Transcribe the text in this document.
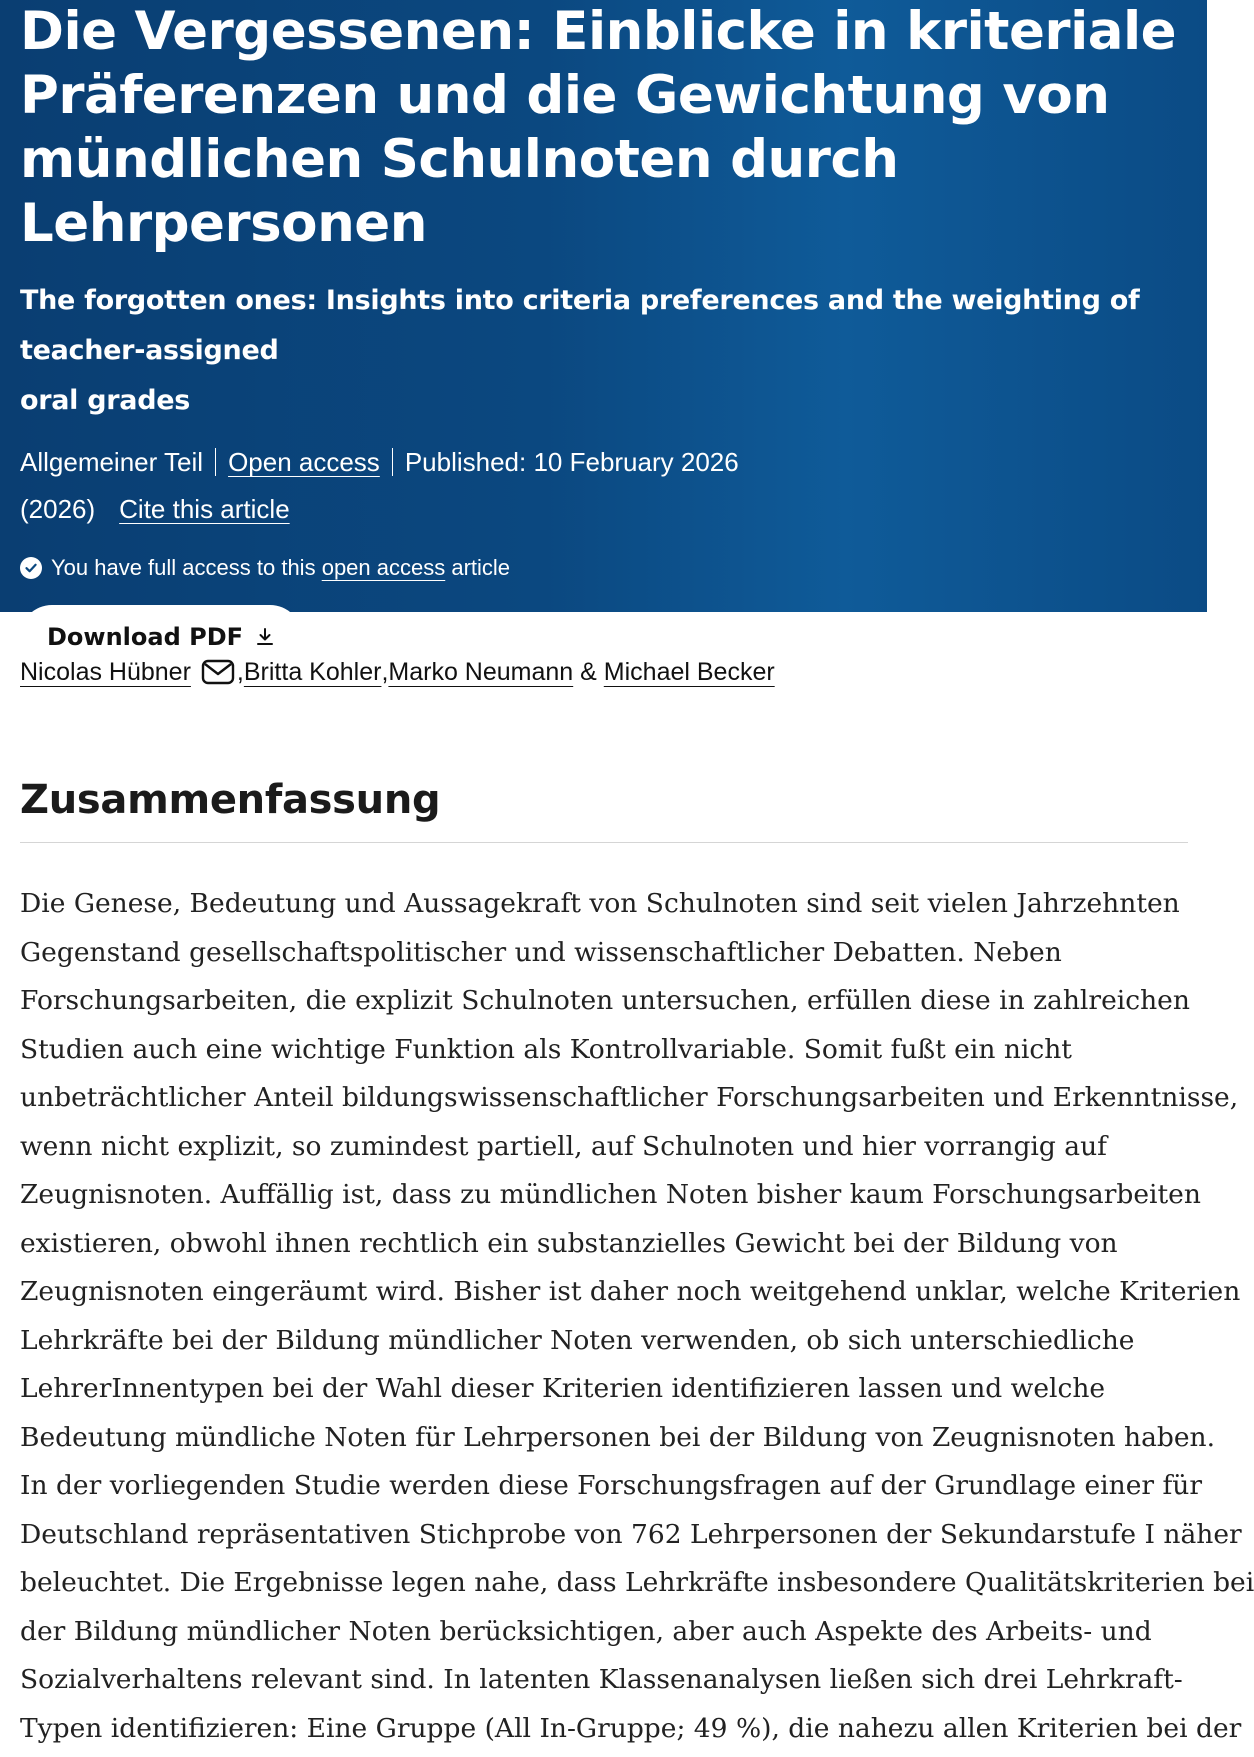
Die Vergessenen: Einblicke in kriteriale
Präferenzen und die Gewichtung von
mündlichen Schulnoten durch Lehrpersonen

The forgotten ones: Insights into criteria preferences and the weighting of teacher-assigned
oral grades

Allgemeiner Teil Open access Published: 10 February 2026
(2026) Cite this article
You have full access to this
open access
article
Download PDF	Save article
Nicolas Hübner , Britta Kohler , Marko Neumann &
Michael Becker
Zusammenfassung

Die Genese, Bedeutung und Aussagekraft von Schulnoten sind seit vielen Jahrzehnten
Gegenstand gesellschaftspolitischer und wissenschaftlicher Debatten. Neben
Forschungsarbeiten, die explizit Schulnoten untersuchen, erfüllen diese in zahlreichen
Studien auch eine wichtige Funktion als Kontrollvariable. Somit fußt ein nicht
unbeträchtlicher Anteil bildungswissenschaftlicher Forschungsarbeiten und Erkenntnisse,
wenn nicht explizit, so zumindest partiell, auf Schulnoten und hier vorrangig auf
Zeugnisnoten. Auffällig ist, dass zu mündlichen Noten bisher kaum Forschungsarbeiten
existieren, obwohl ihnen rechtlich ein substanzielles Gewicht bei der Bildung von
Zeugnisnoten eingeräumt wird. Bisher ist daher noch weitgehend unklar, welche Kriterien
Lehrkräfte bei der Bildung mündlicher Noten verwenden, ob sich unterschiedliche
LehrerInnentypen bei der Wahl dieser Kriterien identifizieren lassen und welche
Bedeutung mündliche Noten für Lehrpersonen bei der Bildung von Zeugnisnoten haben.
In der vorliegenden Studie werden diese Forschungsfragen auf der Grundlage einer für
Deutschland repräsentativen Stichprobe von 762 Lehrpersonen der Sekundarstufe I näher
beleuchtet. Die Ergebnisse legen nahe, dass Lehrkräfte insbesondere Qualitätskriterien bei
der Bildung mündlicher Noten berücksichtigen, aber auch Aspekte des Arbeits- und
Sozialverhaltens relevant sind. In latenten Klassenanalysen ließen sich drei Lehrkraft-
Typen identifizieren: Eine Gruppe (All In-Gruppe; 49 %), die nahezu allen Kriterien bei der
